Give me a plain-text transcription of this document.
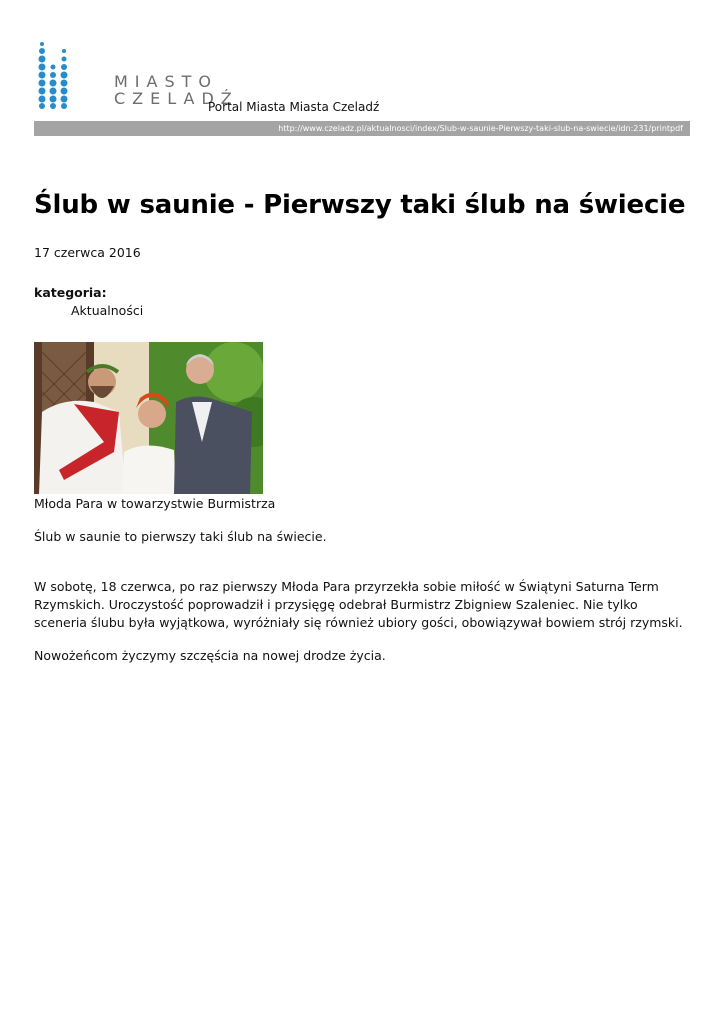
MIASTO
CZELADŹ
Portal Miasta Miasta Czeladź
http://www.czeladz.pl/aktualnosci/index/Slub-w-saunie-Pierwszy-taki-slub-na-swiecie/idn:231/printpdf
Ślub w saunie - Pierwszy taki ślub na świecie
17 czerwca 2016
kategoria:
Aktualności
Młoda Para w towarzystwie Burmistrza

Ślub w saunie to pierwszy taki ślub na świecie.

W sobotę, 18 czerwca, po raz pierwszy Młoda Para przyrzekła sobie miłość w Świątyni Saturna Term Rzymskich. Uroczystość poprowadził i przysięgę odebrał Burmistrz Zbigniew Szaleniec. Nie tylko sceneria ślubu była wyjątkowa, wyróżniały się również ubiory gości, obowiązywał bowiem strój rzymski.

Nowożeńcom życzymy szczęścia na nowej drodze życia.
